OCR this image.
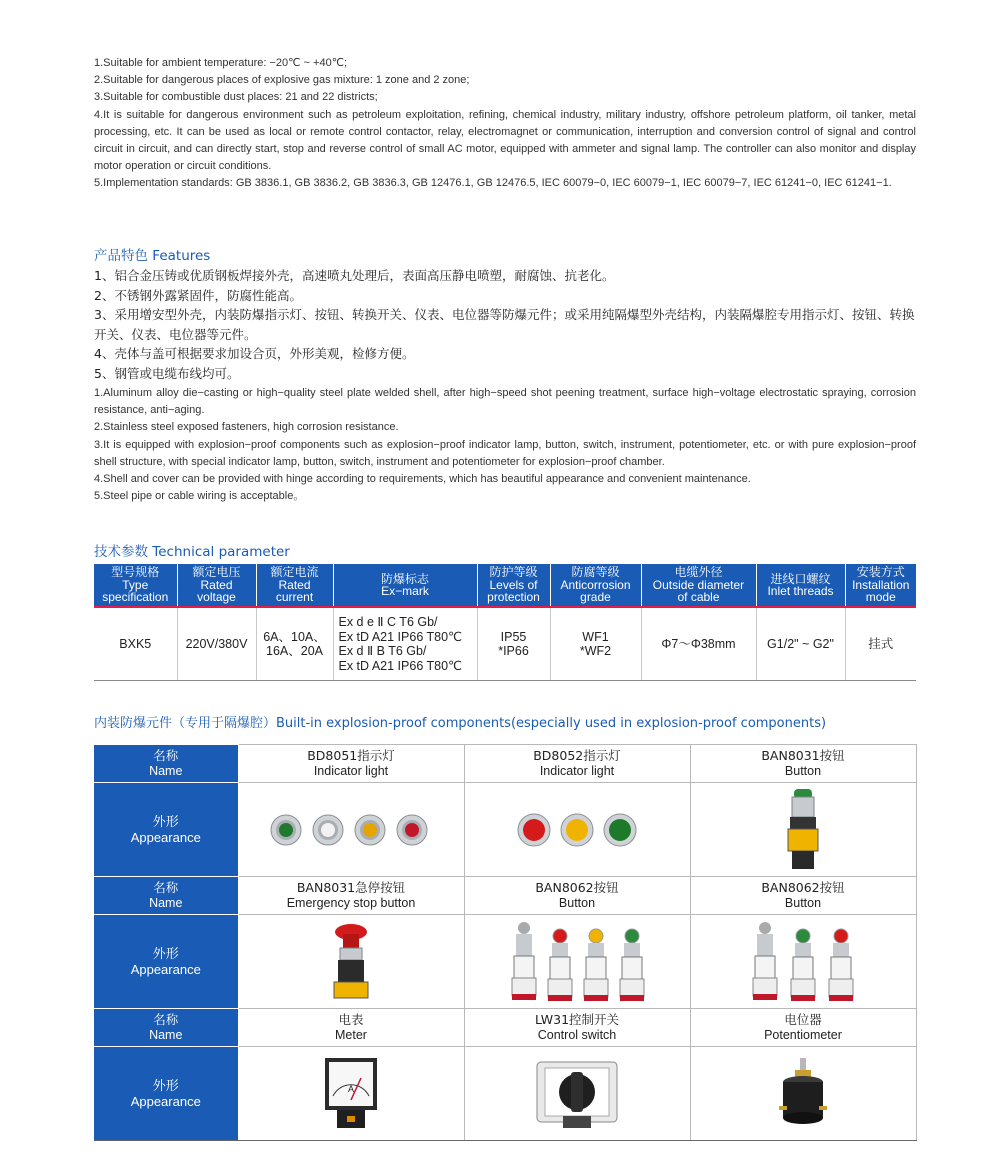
1.Suitable for ambient temperature: −20℃ ~ +40℃;

2.Suitable for dangerous places of explosive gas mixture: 1 zone and 2 zone;

3.Suitable for combustible dust places: 21 and 22 districts;

4.It is suitable for dangerous environment such as petroleum exploitation, refining, chemical industry, military industry, offshore petroleum platform, oil tanker, metal processing, etc. It can be used as local or remote control contactor, relay, electromagnet or communication, interruption and conversion control of signal and control circuit in circuit, and can directly start, stop and reverse control of small AC motor, equipped with ammeter and signal lamp. The controller can also monitor and display motor operation or circuit conditions.

5.Implementation standards: GB 3836.1, GB 3836.2, GB 3836.3, GB 12476.1, GB 12476.5, IEC 60079−0, IEC 60079−1, IEC 60079−7, IEC 61241−0, IEC 61241−1.

产品特色 Features

1、铝合金压铸或优质钢板焊接外壳，高速喷丸处理后，表面高压静电喷塑，耐腐蚀、抗老化。

2、不锈钢外露紧固件，防腐性能高。

3、采用增安型外壳，内装防爆指示灯、按钮、转换开关、仪表、电位器等防爆元件；或采用纯隔爆型外壳结构，内装隔爆腔专用指示灯、按钮、转换开关、仪表、电位器等元件。

4、壳体与盖可根据要求加设合页，外形美观，检修方便。

5、钢管或电缆布线均可。

1.Aluminum alloy die−casting or high−quality steel plate welded shell, after high−speed shot peening treatment, surface high−voltage electrostatic spraying, corrosion resistance, anti−aging.

2.Stainless steel exposed fasteners, high corrosion resistance.

3.It is equipped with explosion−proof components such as explosion−proof indicator lamp, button, switch, instrument, potentiometer, etc. or with pure explosion−proof shell structure, with special indicator lamp, button, switch, instrument and potentiometer for explosion−proof chamber.

4.Shell and cover can be provided with hinge according to requirements, which has beautiful appearance and convenient maintenance.

5.Steel pipe or cable wiring is acceptable。

技术参数 Technical parameter
型号规格
Type
specification	额定电压
Rated
voltage	额定电流
Rated
current	防爆标志
Ex−mark	防护等级
Levels of
protection	防腐等级
Anticorrosion
grade	电缆外径
Outside diameter
of cable	进线口螺纹
Inlet threads	安装方式
Installation
mode
BXK5	220V/380V	6A、10A、
16A、20A	Ex d e Ⅱ C T6 Gb/
Ex tD A21 IP66 T80℃
Ex d Ⅱ B T6 Gb/
Ex tD A21 IP66 T80℃	IP55
*IP66	WF1
*WF2	Φ7～Φ38mm	G1/2" ~ G2"	挂式
内装防爆元件（专用于隔爆腔）Built-in explosion-proof components(especially used in explosion-proof components)
名称
Name	BD8051指示灯
Indicator light	BD8052指示灯
Indicator light	BAN8031按钮
Button
外形
Appearance	

名称
Name	BAN8031急停按钮
Emergency stop button	BAN8062按钮
Button	BAN8062按钮
Button
外形
Appearance	

名称
Name	电表
Meter	LW31控制开关
Control switch	电位器
Potentiometer
外形
Appearance	A
